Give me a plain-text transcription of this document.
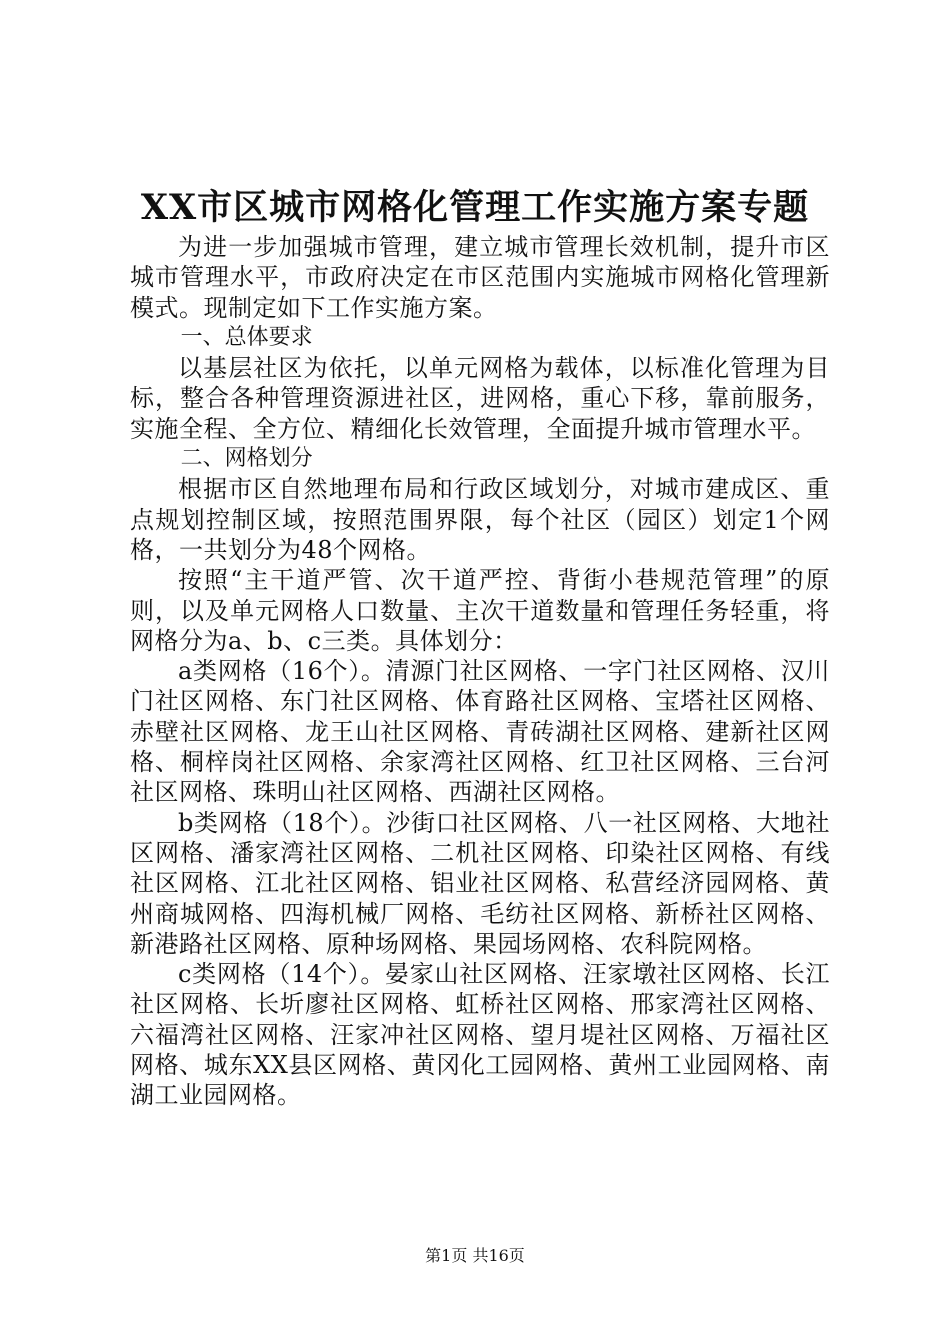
XX市区城市网格化管理工作实施方案专题

为进一步加强城市管理，建立城市管理长效机制，提升市区城市管理水平，市政府决定在市区范围内实施城市网格化管理新模式。现制定如下工作实施方案。

一、总体要求

以基层社区为依托，以单元网格为载体，以标准化管理为目标，整合各种管理资源进社区，进网格，重心下移，靠前服务，实施全程、全方位、精细化长效管理，全面提升城市管理水平。

二、网格划分

根据市区自然地理布局和行政区域划分，对城市建成区、重点规划控制区域，按照范围界限，每个社区（园区）划定1个网格，一共划分为48个网格。

按照“主干道严管、次干道严控、背街小巷规范管理”的原则，以及单元网格人口数量、主次干道数量和管理任务轻重，将网格分为a、b、c三类。具体划分：

a类网格（16个）。清源门社区网格、一字门社区网格、汉川门社区网格、东门社区网格、体育路社区网格、宝塔社区网格、赤壁社区网格、龙王山社区网格、青砖湖社区网格、建新社区网格、桐梓岗社区网格、余家湾社区网格、红卫社区网格、三台河社区网格、珠明山社区网格、西湖社区网格。

b类网格（18个）。沙街口社区网格、八一社区网格、大地社区网格、潘家湾社区网格、二机社区网格、印染社区网格、有线社区网格、江北社区网格、铝业社区网格、私营经济园网格、黄州商城网格、四海机械厂网格、毛纺社区网格、新桥社区网格、新港路社区网格、原种场网格、果园场网格、农科院网格。

c类网格（14个）。晏家山社区网格、汪家墩社区网格、长江社区网格、长圻廖社区网格、虹桥社区网格、邢家湾社区网格、六福湾社区网格、汪家冲社区网格、望月堤社区网格、万福社区网格、城东XX县区网格、黄冈化工园网格、黄州工业园网格、南湖工业园网格。

第1页 共16页
